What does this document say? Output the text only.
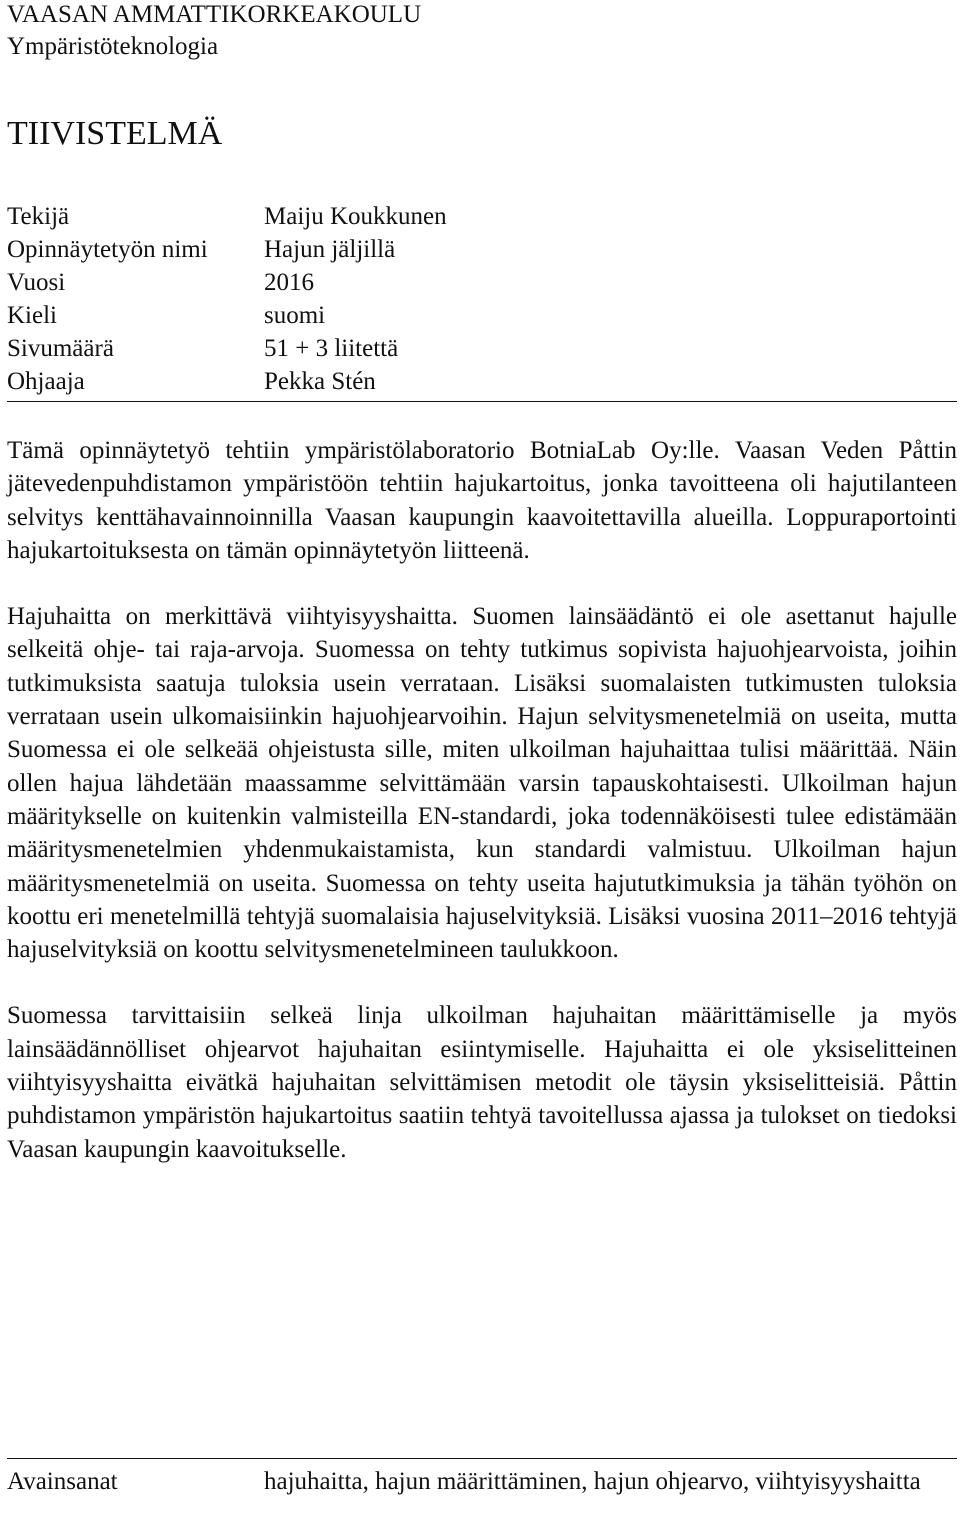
VAASAN AMMATTIKORKEAKOULU
Ympäristöteknologia
TIIVISTELMÄ
Tekijä	Maiju Koukkunen
Opinnäytetyön nimi	Hajun jäljillä
Vuosi	2016
Kieli	suomi
Sivumäärä	51 + 3 liitettä
Ohjaaja	Pekka Stén

Tämä opinnäytetyö tehtiin ympäristölaboratorio BotniaLab Oy:lle. Vaasan Veden Påttin jätevedenpuhdistamon ympäristöön tehtiin hajukartoitus, jonka tavoitteena oli hajutilanteen selvitys kenttähavainnoinnilla Vaasan kaupungin kaavoitettavilla alueilla. Loppuraportointi hajukartoituksesta on tämän opinnäytetyön liitteenä.

Hajuhaitta on merkittävä viihtyisyyshaitta. Suomen lainsäädäntö ei ole asettanut hajulle selkeitä ohje- tai raja-arvoja. Suomessa on tehty tutkimus sopivista hajuohjearvoista, joihin tutkimuksista saatuja tuloksia usein verrataan. Lisäksi suomalaisten tutkimusten tuloksia verrataan usein ulkomaisiinkin hajuohjearvoihin. Hajun selvitysmenetelmiä on useita, mutta Suomessa ei ole selkeää ohjeistusta sille, miten ulkoilman hajuhaittaa tulisi määrittää. Näin ollen hajua lähdetään maassamme selvittämään varsin tapauskohtaisesti. Ulkoilman hajun määritykselle on kuitenkin valmisteilla EN-standardi, joka todennäköisesti tulee edistämään määritysmenetelmien yhdenmukaistamista, kun standardi valmistuu. Ulkoilman hajun määritysmenetelmiä on useita. Suomessa on tehty useita hajututkimuksia ja tähän työhön on koottu eri menetelmillä tehtyjä suomalaisia hajuselvityksiä. Lisäksi vuosina 2011–2016 tehtyjä hajuselvityksiä on koottu selvitysmenetelmineen taulukkoon.

Suomessa tarvittaisiin selkeä linja ulkoilman hajuhaitan määrittämiselle ja myös lainsäädännölliset ohjearvot hajuhaitan esiintymiselle. Hajuhaitta ei ole yksiselitteinen viihtyisyyshaitta eivätkä hajuhaitan selvittämisen metodit ole täysin yksiselitteisiä. Påttin puhdistamon ympäristön hajukartoitus saatiin tehtyä tavoitellussa ajassa ja tulokset on tiedoksi Vaasan kaupungin kaavoitukselle.

Avainsanat	hajuhaitta, hajun määrittäminen, hajun ohjearvo, viihtyisyyshaitta
